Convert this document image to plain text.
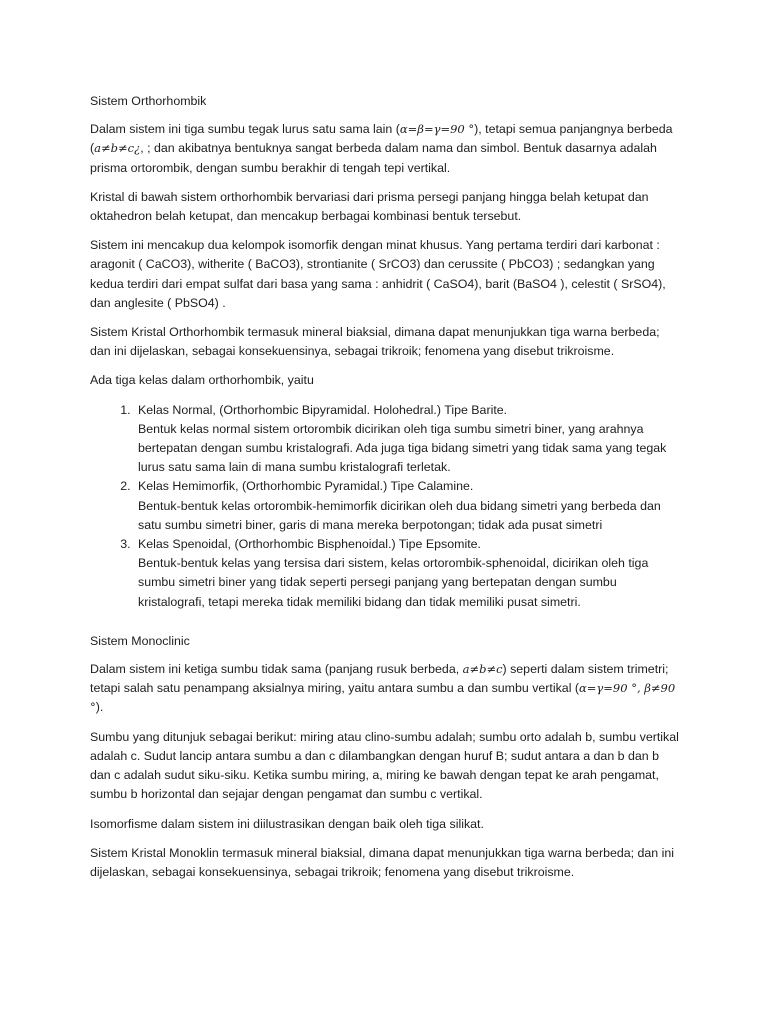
Sistem Orthorhombik

Dalam sistem ini tiga sumbu tegak lurus satu sama lain (α=β=γ=90 °), tetapi semua panjangnya berbeda (a≠b≠c¿, ; dan akibatnya bentuknya sangat berbeda dalam nama dan simbol. Bentuk dasarnya adalah prisma ortorombik, dengan sumbu berakhir di tengah tepi vertikal.

Kristal di bawah sistem orthorhombik bervariasi dari prisma persegi panjang hingga belah ketupat dan oktahedron belah ketupat, dan mencakup berbagai kombinasi bentuk tersebut.

Sistem ini mencakup dua kelompok isomorfik dengan minat khusus. Yang pertama terdiri dari karbonat : aragonit ( CaCO3), witherite ( BaCO3), strontianite ( SrCO3) dan cerussite ( PbCO3) ; sedangkan yang kedua terdiri dari empat sulfat dari basa yang sama : anhidrit ( CaSO4), barit (BaSO4 ), celestit ( SrSO4), dan anglesite ( PbSO4) .

Sistem Kristal Orthorhombik termasuk mineral biaksial, dimana dapat menunjukkan tiga warna berbeda; dan ini dijelaskan, sebagai konsekuensinya, sebagai trikroik; fenomena yang disebut trikroisme.

Ada tiga kelas dalam orthorhombik, yaitu

1. Kelas Normal, (Orthorhombic Bipyramidal. Holohedral.) Tipe Barite.
Bentuk kelas normal sistem ortorombik dicirikan oleh tiga sumbu simetri biner, yang arahnya bertepatan dengan sumbu kristalografi. Ada juga tiga bidang simetri yang tidak sama yang tegak lurus satu sama lain di mana sumbu kristalografi terletak.
2. Kelas Hemimorfik, (Orthorhombic Pyramidal.) Tipe Calamine.
Bentuk-bentuk kelas ortorombik-hemimorfik dicirikan oleh dua bidang simetri yang berbeda dan satu sumbu simetri biner, garis di mana mereka berpotongan; tidak ada pusat simetri
3. Kelas Spenoidal, (Orthorhombic Bisphenoidal.) Tipe Epsomite.
Bentuk-bentuk kelas yang tersisa dari sistem, kelas ortorombik-sphenoidal, dicirikan oleh tiga sumbu simetri biner yang tidak seperti persegi panjang yang bertepatan dengan sumbu kristalografi, tetapi mereka tidak memiliki bidang dan tidak memiliki pusat simetri.
Sistem Monoclinic

Dalam sistem ini ketiga sumbu tidak sama (panjang rusuk berbeda, a≠b≠c) seperti dalam sistem trimetri; tetapi salah satu penampang aksialnya miring, yaitu antara sumbu a dan sumbu vertikal (α=γ=90 °, β≠90 °).

Sumbu yang ditunjuk sebagai berikut: miring atau clino-sumbu adalah; sumbu orto adalah b, sumbu vertikal adalah c. Sudut lancip antara sumbu a dan c dilambangkan dengan huruf B; sudut antara a dan b dan b dan c adalah sudut siku-siku. Ketika sumbu miring, a, miring ke bawah dengan tepat ke arah pengamat, sumbu b horizontal dan sejajar dengan pengamat dan sumbu c vertikal.

Isomorfisme dalam sistem ini diilustrasikan dengan baik oleh tiga silikat.

Sistem Kristal Monoklin termasuk mineral biaksial, dimana dapat menunjukkan tiga warna berbeda; dan ini dijelaskan, sebagai konsekuensinya, sebagai trikroik; fenomena yang disebut trikroisme.
